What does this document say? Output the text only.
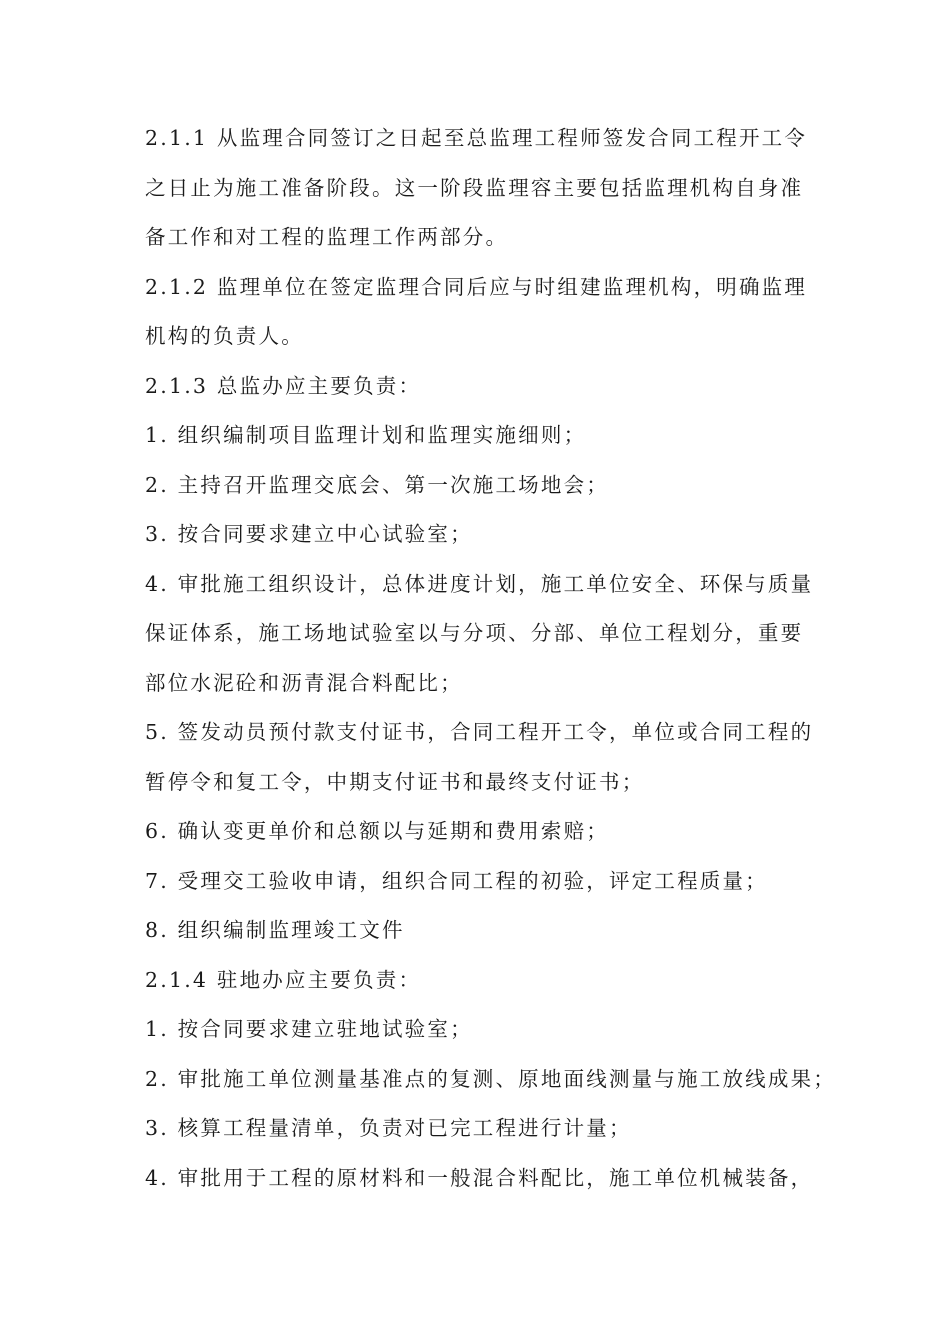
2.1.1 从监理合同签订之日起至总监理工程师签发合同工程开工令

之日止为施工准备阶段。这一阶段监理容主要包括监理机构自身准

备工作和对工程的监理工作两部分。

2.1.2 监理单位在签定监理合同后应与时组建监理机构，明确监理

机构的负责人。

2.1.3 总监办应主要负责：

1. 组织编制项目监理计划和监理实施细则；

2. 主持召开监理交底会、第一次施工场地会；

3. 按合同要求建立中心试验室；

4. 审批施工组织设计，总体进度计划，施工单位安全、环保与质量

保证体系，施工场地试验室以与分项、分部、单位工程划分，重要

部位水泥砼和沥青混合料配比；

5. 签发动员预付款支付证书，合同工程开工令，单位或合同工程的

暂停令和复工令，中期支付证书和最终支付证书；

6. 确认变更单价和总额以与延期和费用索赔；

7. 受理交工验收申请，组织合同工程的初验，评定工程质量；

8. 组织编制监理竣工文件

2.1.4 驻地办应主要负责：

1. 按合同要求建立驻地试验室；

2. 审批施工单位测量基准点的复测、原地面线测量与施工放线成果；

3. 核算工程量清单，负责对已完工程进行计量；

4. 审批用于工程的原材料和一般混合料配比，施工单位机械装备，
